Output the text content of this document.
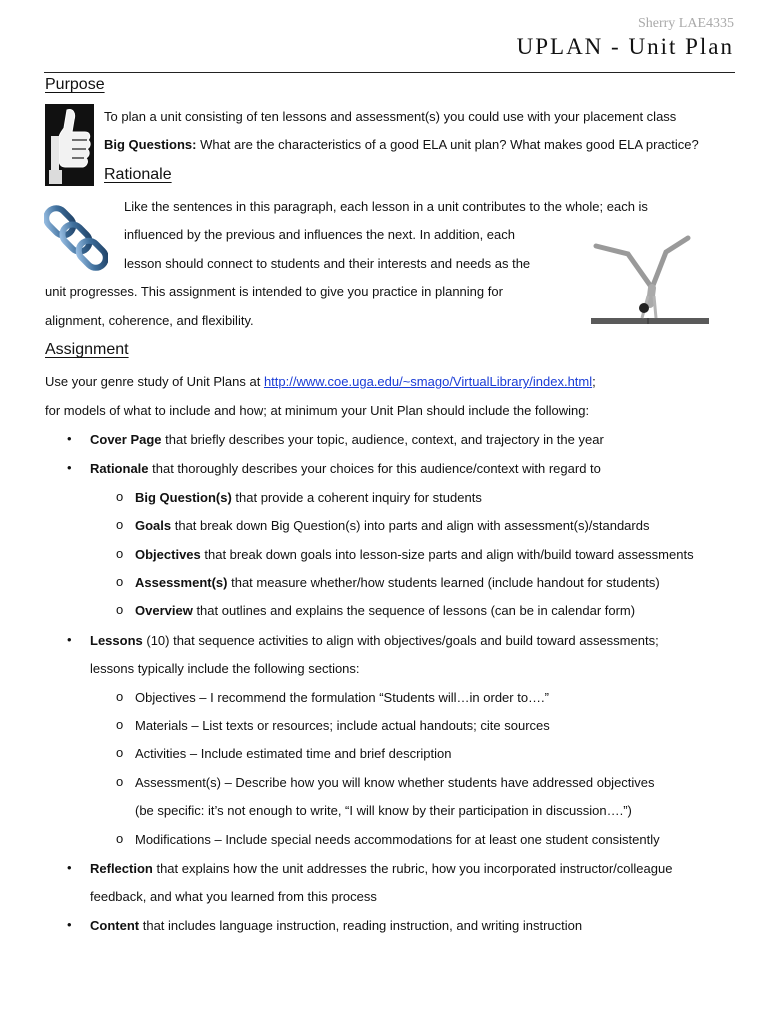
Sherry LAE4335
UPLAN - Unit Plan
Purpose
To plan a unit consisting of ten lessons and assessment(s) you could use with your placement class
Big Questions: What are the characteristics of a good ELA unit plan? What makes good ELA practice?
Rationale
Like the sentences in this paragraph, each lesson in a unit contributes to the whole; each is
influenced by the previous and influences the next. In addition, each
lesson should connect to students and their interests and needs as the
unit progresses. This assignment is intended to give you practice in planning for
alignment, coherence, and flexibility.
Assignment
Use your genre study of Unit Plans at http://www.coe.uga.edu/~smago/VirtualLibrary/index.html;
for models of what to include and how; at minimum your Unit Plan should include the following:
• Cover Page that briefly describes your topic, audience, context, and trajectory in the year
• Rationale that thoroughly describes your choices for this audience/context with regard to
o Big Question(s) that provide a coherent inquiry for students
o Goals that break down Big Question(s) into parts and align with assessment(s)/standards
o Objectives that break down goals into lesson-size parts and align with/build toward assessments
o Assessment(s) that measure whether/how students learned (include handout for students)
o Overview that outlines and explains the sequence of lessons (can be in calendar form)
• Lessons (10) that sequence activities to align with objectives/goals and build toward assessments;
lessons typically include the following sections:
o Objectives – I recommend the formulation “Students will…in order to….”
o Materials – List texts or resources; include actual handouts; cite sources
o Activities – Include estimated time and brief description
o Assessment(s) – Describe how you will know whether students have addressed objectives
(be specific: it’s not enough to write, “I will know by their participation in discussion….”)
o Modifications – Include special needs accommodations for at least one student consistently
• Reflection that explains how the unit addresses the rubric, how you incorporated instructor/colleague
feedback, and what you learned from this process
• Content that includes language instruction, reading instruction, and writing instruction
